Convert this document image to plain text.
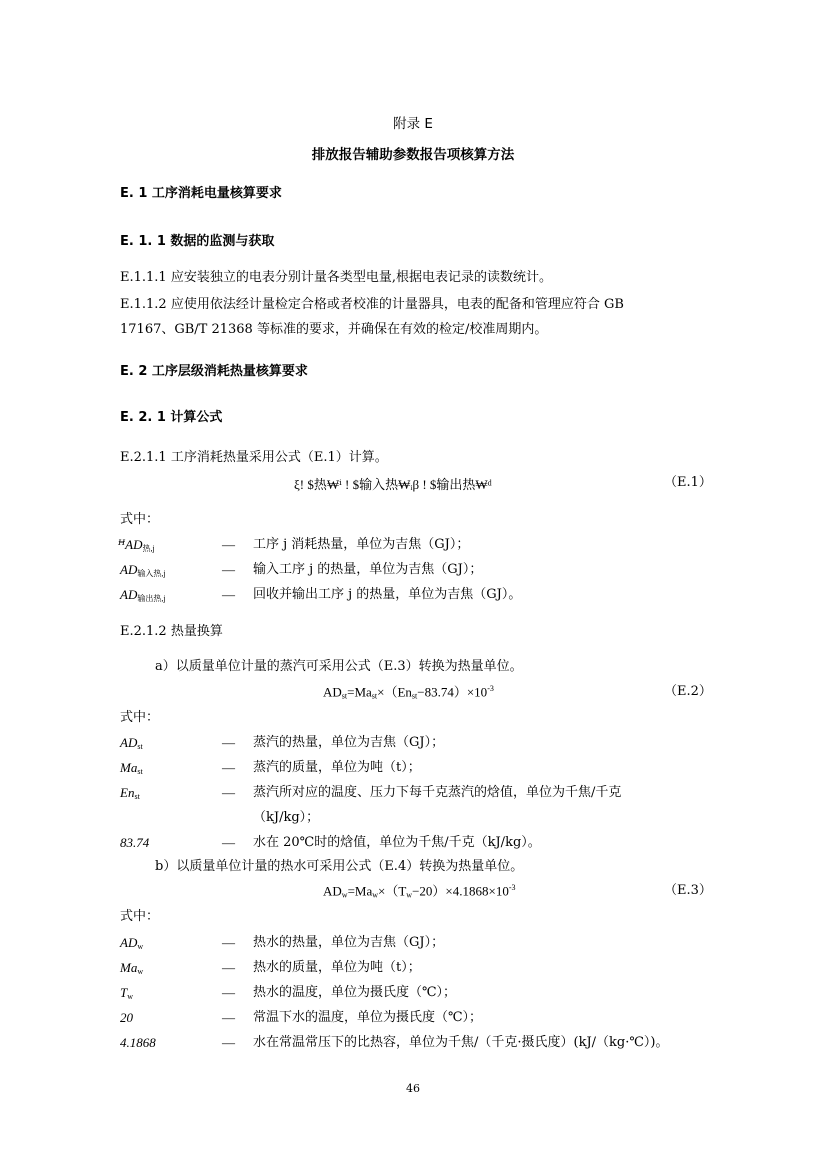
附录 E
排放报告辅助参数报告项核算方法
E. 1 工序消耗电量核算要求
E. 1. 1 数据的监测与获取
E.1.1.1 应安装独立的电表分别计量各类型电量,根据电表记录的读数统计。
E.1.1.2 应使用依法经计量检定合格或者校准的计量器具，电表的配备和管理应符合 GB
17167、GB/T 21368 等标准的要求，并确保在有效的检定/校准周期内。
E. 2 工序层级消耗热量核算要求
E. 2. 1 计算公式
E.2.1.1 工序消耗热量采用公式（E.1）计算。
ξ! $热₩ⁱ ! $输入热₩ᵢβ ! $输出热₩ᵈ	（E.1）
式中：
ꟸAD$_{热,j}$	— 工序 j 消耗热量，单位为吉焦（GJ）；
$AD_{输入热,j}$	— 输入工序 j 的热量，单位为吉焦（GJ）；
$AD_{输出热,j}$	— 回收并输出工序 j 的热量，单位为吉焦（GJ）。
E.2.1.2 热量换算
a）以质量单位计量的蒸汽可采用公式（E.3）转换为热量单位。
$AD_{st}=Ma_{st}\times(En_{st}-83.74)\times 10^{-3}$	（E.2）
式中：
$AD_{st}$	— 蒸汽的热量，单位为吉焦（GJ）；
$Ma_{st}$	— 蒸汽的质量，单位为吨（t）；
$En_{st}$	— 蒸汽所对应的温度、压力下每千克蒸汽的焓值，单位为千焦/千克
（kJ/kg）；
83.74	— 水在 20℃时的焓值，单位为千焦/千克（kJ/kg）。
b）以质量单位计量的热水可采用公式（E.4）转换为热量单位。
$AD_w=Ma_w\times(T_w-20)\times 4.1868\times 10^{-3}$	（E.3）
式中：
$AD_w$	— 热水的热量，单位为吉焦（GJ）；
$Ma_w$	— 热水的质量，单位为吨（t）；
$T_w$	— 热水的温度，单位为摄氏度（℃）；
20	— 常温下水的温度，单位为摄氏度（℃）；
4.1868	— 水在常温常压下的比热容，单位为千焦/（千克·摄氏度）(kJ/（kg·℃）)。
46
